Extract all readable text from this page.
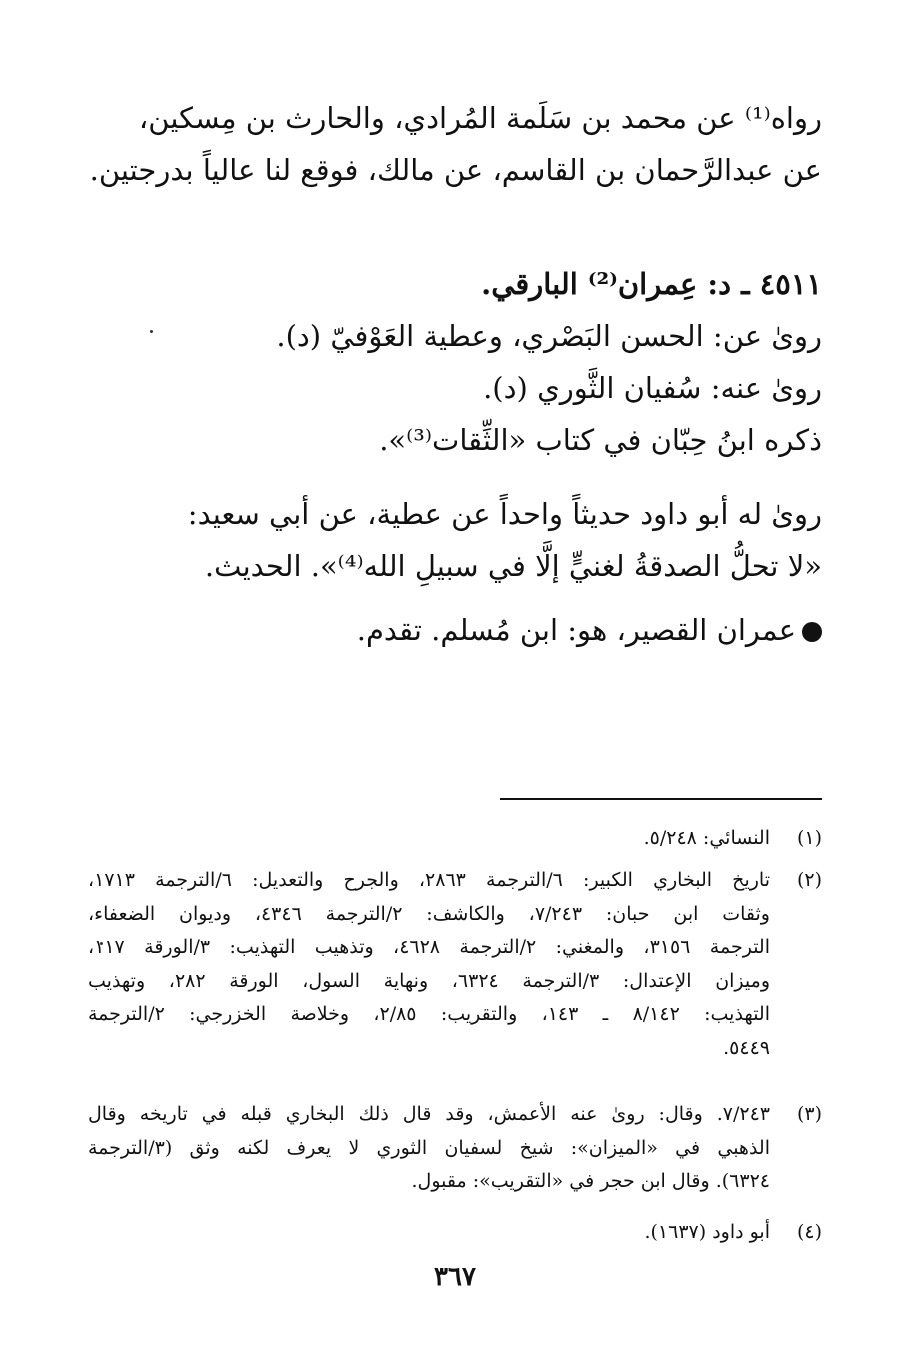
رواه⁽¹⁾ عن محمد بن سَلَمة المُرادي، والحارث بن مِسكين،
عن عبدالرَّحمان بن القاسم، عن مالك، فوقع لنا عالياً بدرجتين.
٤٥١١ ـ د: عِمران⁽²⁾ البارقي.
روىٰ عن: الحسن البَصْري، وعطية العَوْفيّ (د).
روىٰ عنه: سُفيان الثَّوري (د).
ذكره ابنُ حِبّان في كتاب «الثِّقات⁽³⁾».
روىٰ له أبو داود حديثاً واحداً عن عطية، عن أبي سعيد:
«لا تحلُّ الصدقةُ لغنيٍّ إلَّا في سبيلِ الله⁽⁴⁾». الحديث.
عمران القصير، هو: ابن مُسلم. تقدم.
(١)
النسائي: ٥/٢٤٨.
(٢)
تاريخ البخاري الكبير: ٦/الترجمة ٢٨٦٣، والجرح والتعديل: ٦/الترجمة ١٧١٣،
وثقات ابن حبان: ٧/٢٤٣، والكاشف: ٢/الترجمة ٤٣٤٦، وديوان الضعفاء،
الترجمة ٣١٥٦، والمغني: ٢/الترجمة ٤٦٢٨، وتذهيب التهذيب: ٣/الورقة ١١٧،
وميزان الإعتدال: ٣/الترجمة ٦٣٢٤، ونهاية السول، الورقة ٢٨٢، وتهذيب
التهذيب: ٨/١٤٢ ـ ١٤٣، والتقريب: ٢/٨٥، وخلاصة الخزرجي: ٢/الترجمة
٥٤٤٩.
(٣)
٧/٢٤٣. وقال: روىٰ عنه الأعمش، وقد قال ذلك البخاري قبله في تاريخه وقال
الذهبي في «الميزان»: شيخ لسفيان الثوري لا يعرف لكنه وثق (٣/الترجمة
٦٣٢٤). وقال ابن حجر في «التقريب»: مقبول.
(٤)
أبو داود (١٦٣٧).
٣٦٧
